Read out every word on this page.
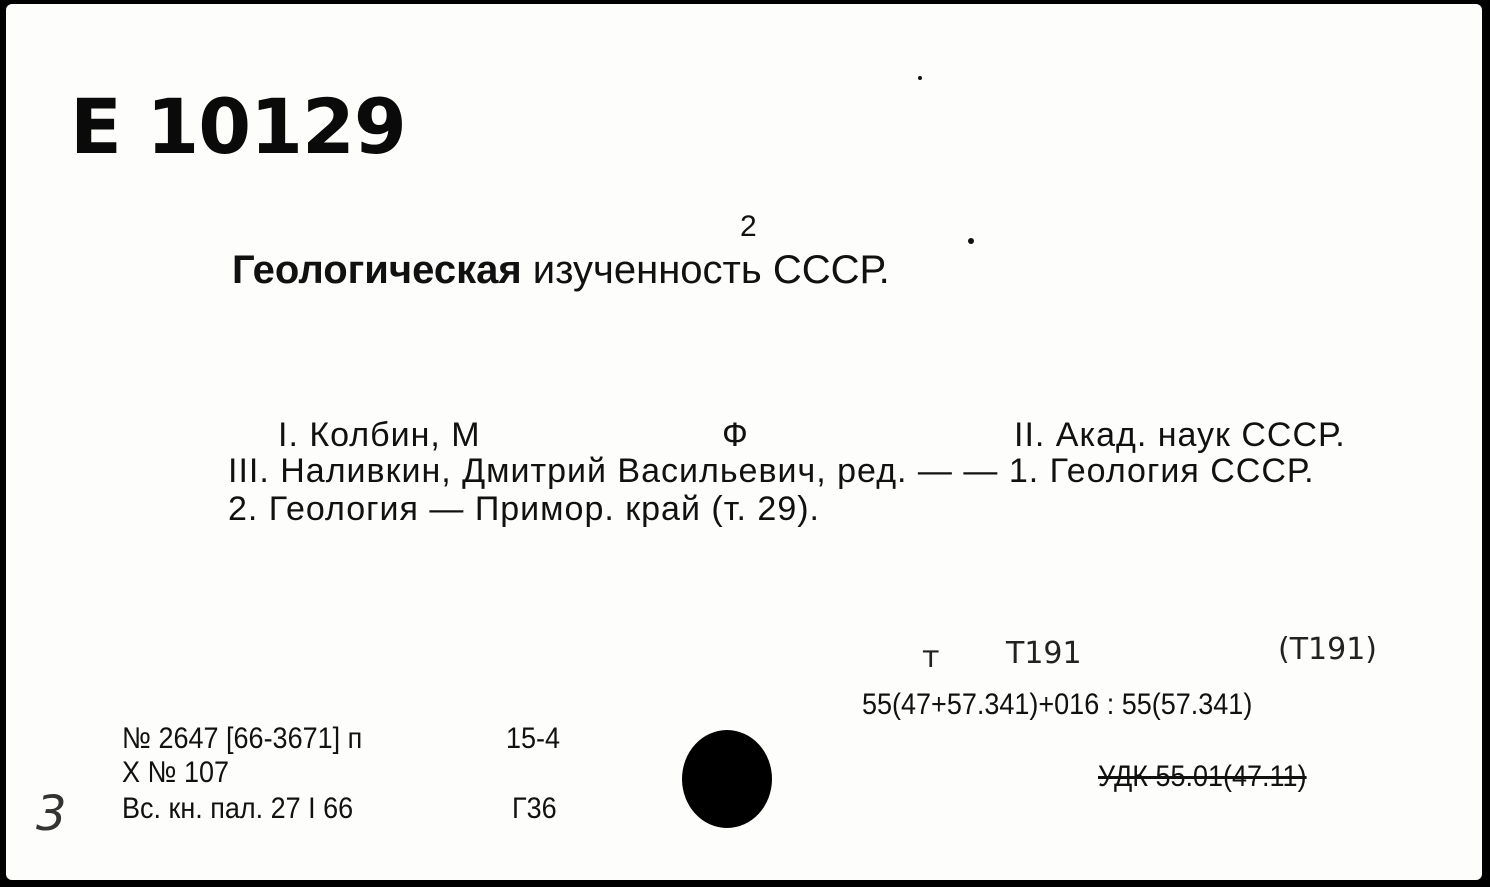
E 10129
2
Геологическая изученность СССР.
I. Колбин, М	Ф	II. Акад. наук СССР.
III. Наливкин, Дмитрий Васильевич, ред. — — 1. Геология СССР.
2. Геология — Примор. край (т. 29).
т Т191	(Т191)
55(47+57.341)+016 : 55(57.341)
УДК 55.01(47.11)
№ 2647 [66-3671] п	15-4
Х № 107
Вс. кн. пал. 27 I 66	Г36
3
